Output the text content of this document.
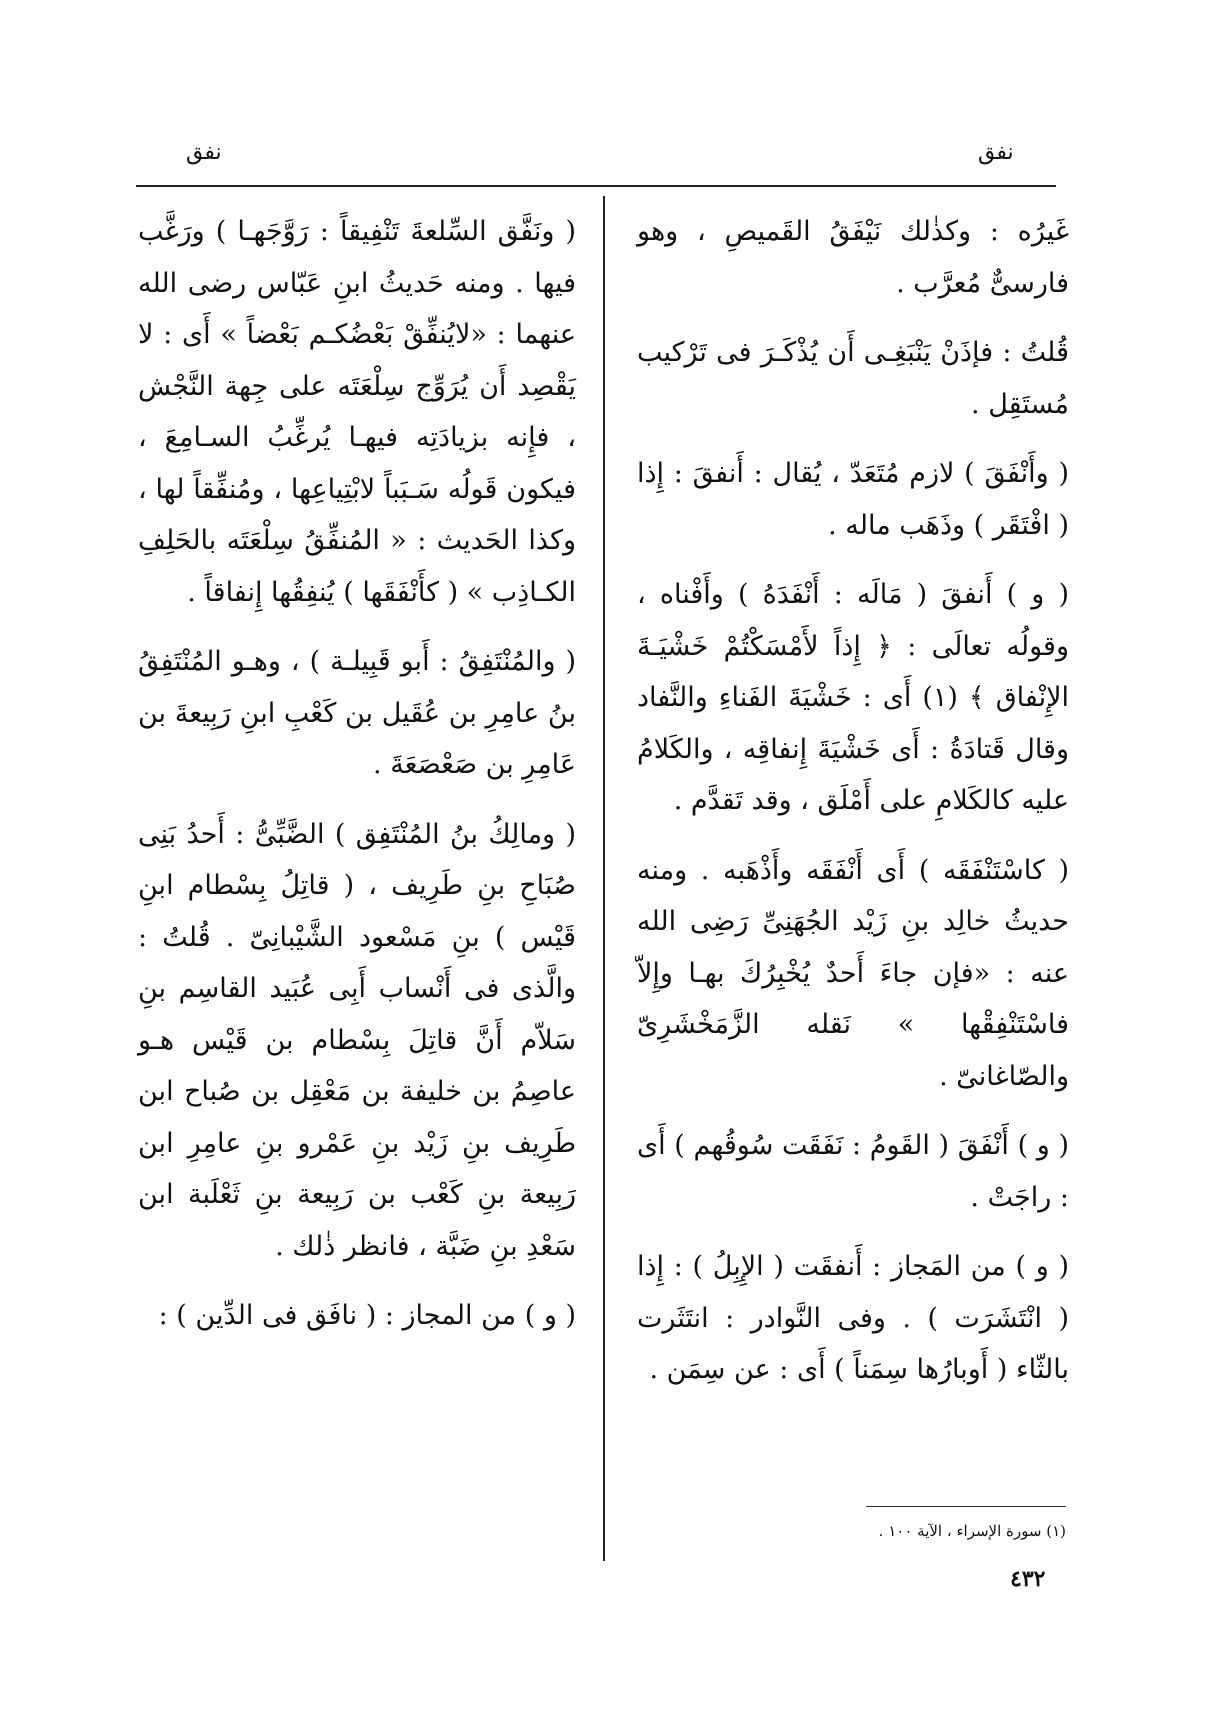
نفق
نفق

غَيرُه : وكذٰلك نَيْفَقُ القَميصِ ، وهو فارسىٌّ مُعرَّب .

قُلتُ : فإذَنْ يَنْبَغِـى أَن يُذْكَـرَ فى تَرْكيب مُستَقِل .

( وأَنْفَقَ ) لازم مُتَعَدّ ، يُقال : أَنفقَ : إِذا ( افْتَقَر ) وذَهَب ماله .

( و ) أَنفقَ ( مَالَه : أَنْفَدَهُ ) وأَفْناه ، وقولُه تعالَى : ﴿ إِذاً لأَمْسَكْتُمْ خَشْيَـةَ الإِنْفاق ﴾ (١) أَى : خَشْيَةَ الفَناءِ والنَّفاد وقال قَتادَةُ : أَى خَشْيَةَ إِنفاقِه ، والكَلامُ عليه كالكَلامِ على أَمْلَق ، وقد تَقدَّم .

( كاسْتَنْفَقَه ) أَى أَنْفَقَه وأَذْهَبه . ومنه حديثُ خالِد بنِ زَيْد الجُهَنِىِّ رَضِى الله عنه : «فإن جاءَ أَحدٌ يُخْبِرُكَ بهـا وإِلاّ فاسْتَنْفِقْها » نَقله الزَّمَخْشَرِىّ والصّاغانىّ .

( و ) أَنْفَقَ ( القَومُ : نَفَقَت سُوقُهم ) أَى : راجَتْ .

( و ) من المَجاز : أَنفقَت ( الإِبِلُ ) : إِذا ( انْتَشَرَت ) . وفى النَّوادر : انتَثَرت بالثّاء ( أَوبارُها سِمَناً ) أَى : عن سِمَن .

( ونَفَّق السِّلعةَ تَنْفِيقاً : رَوَّجَهـا ) ورَغَّب فيها . ومنه حَديثُ ابنِ عَبّاس رضى الله عنهما : «لايُنفِّقْ بَعْضُكـم بَعْضاً » أَى : لا يَقْصِد أَن يُرَوِّج سِلْعَتَه على جِهة النَّجْش ، فإِنه بزيادَتِه فيهـا يُرغِّبُ السـامِعَ ، فيكون قَولُه سَـبَباً لابْتِياعِها ، ومُنفِّقاً لها ، وكذا الحَديث : « المُنفِّقُ سِلْعَتَه بالحَلِفِ الكـاذِب » ( كأَنْفَقَها ) يُنفِقُها إِنفاقاً .

( والمُنْتَفِقُ : أَبو قَبِيلـة ) ، وهـو المُنْتَفِقُ بنُ عامِرِ بن عُقَيل بن كَعْبِ ابنِ رَبِيعةَ بن عَامِرِ بن صَعْصَعَةَ .

( ومالِكُ بنُ المُنْتَفِق ) الضَّبِّىُّ : أَحدُ بَنِى صُبَاحِ بنِ طَرِيف ، ( قاتِلُ بِسْطام ابنِ قَيْس ) بنِ مَسْعود الشَّيْبانِىّ . قُلتُ : والَّذى فى أَنْساب أَبِى عُبَيد القاسِم بنِ سَلاّم أَنَّ قاتِلَ بِسْطام بن قَيْس هـو عاصِمُ بن خليفة بن مَعْقِل بن صُباح ابن طَرِيف بنِ زَيْد بنِ عَمْرو بنِ عامِرِ ابن رَبِيعة بنِ كَعْب بن رَبِيعة بنِ ثَعْلَبة ابن سَعْدِ بنِ ضَبَّة ، فانظر ذٰلك .

( و ) من المجاز : ( نافَق فى الدِّين ) :

(١) سورة الإسراء ، الآية ١٠٠ .
٤٣٢
